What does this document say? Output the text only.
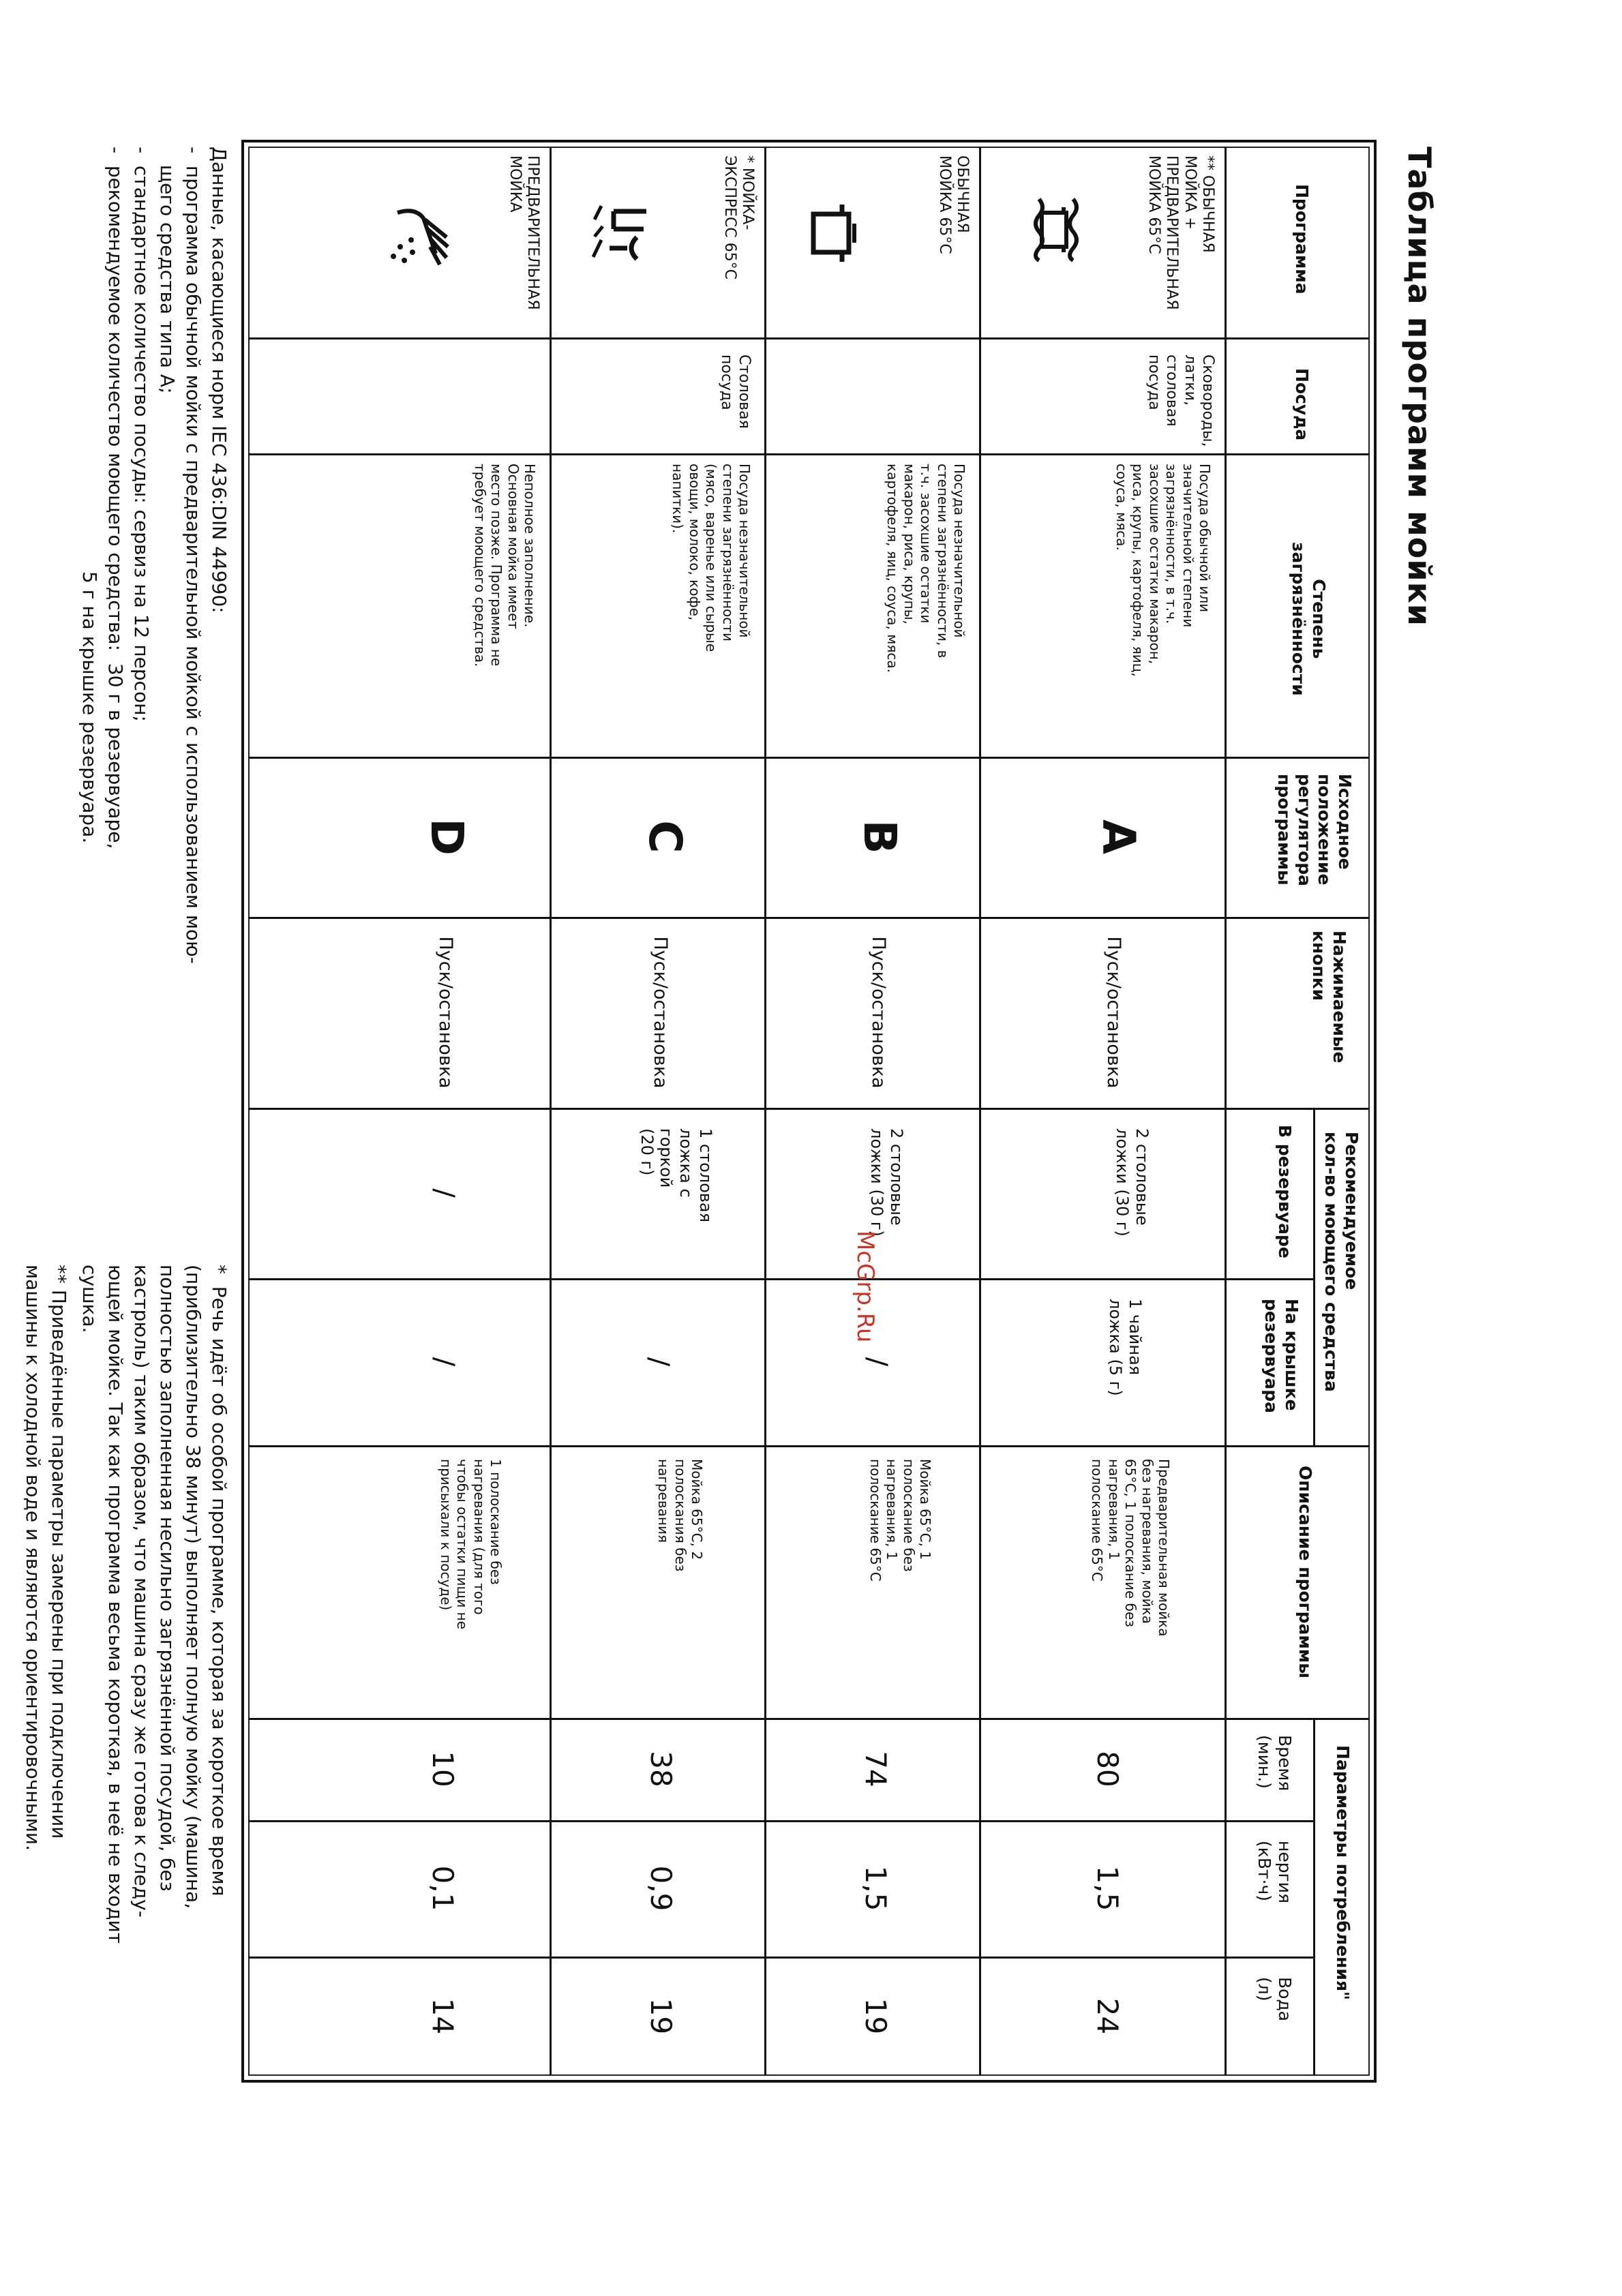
Таблица программ мойки
Программа
Посуда
Степень
загрязнённости
Исходное
положение
регулятора
программы
Нажимаемые
кнопки
Рекомендуемое
кол-во моющего средства
В резервуаре
На крышке
резервуара
Описание программы
Параметры потребления"
Время
(мин.)
нергия
(кВт·ч)
Вода
(л)
** ОБЫЧНАЯ
МОЙКА +
ПРЕДВАРИТЕЛЬНАЯ
МОЙКА 65°С
Сковороды,
латки,
столовая
посуда
Посуда обычной или
значительной степени
загрязнённости, в т.ч.
засохшие остатки макарон,
риса, крупы, картофеля, яиц,
соуса, мяса.
A
Пуск/остановка
2 столовые
ложки (30 г)
1 чайная
ложка (5 г)
Предварительная мойка
без нагревания, мойка
65°С, 1 полоскание без
нагревания, 1
полоскание 65°С
80
1,5
24
ОБЫЧНАЯ
МОЙКА 65°С
Посуда незначительной
степени загрязнённости, в
т.ч. засохшие остатки
макарон, риса, крупы,
картофеля, яиц, соуса, мяса.
B
Пуск/остановка
2 столовые
ложки (30 г)
/
Мойка 65°С, 1
полоскание без
нагревания, 1
полоскание 65°С
74
1,5
19
* МОЙКА-
ЭКСПРЕСС 65°С
Столовая
посуда
Посуда незначительной
степени загрязнённости
(мясо, варенье или сырые
овощи, молоко, кофе,
напитки).
C
Пуск/остановка
1 столовая
ложка с
горкой
(20 г)
/
Мойка 65°С, 2
полоскания без
нагревания
38
0,9
19
ПРЕДВАРИТЕЛЬНАЯ
МОЙКА
Неполное заполнение.
Основная мойка имеет
место позже. Программа не
требует моющего средства.
D
Пуск/остановка
/
/
1 полоскание без
нагревания (для того
чтобы остатки пищи не
присыхали к посуде)
10
0,1
14
McGrp.Ru
Данные, касающиеся норм IEC 436:DIN 44990:
-  программа обычной мойки с предварительной мойкой с использованием мою-
щего средства типа А;
-  стандартное количество посуды: сервиз на 12 персон;
-  рекомендуемое количество моющего средства:  30 г в резервуаре,
5 г на крышке резервуара.
*  Речь идёт об особой программе, которая за короткое время
(приблизительно 38 минут) выполняет полную мойку (машина,
полностью заполненная несильно загрязнённой посудой, без
кастрюль) таким образом, что машина сразу же готова к следу-
ющей мойке. Так как программа весьма короткая, в неё не входит
сушка.
** Приведённые параметры замерены при подключении
машины к холодной воде и являются ориентировочными.
